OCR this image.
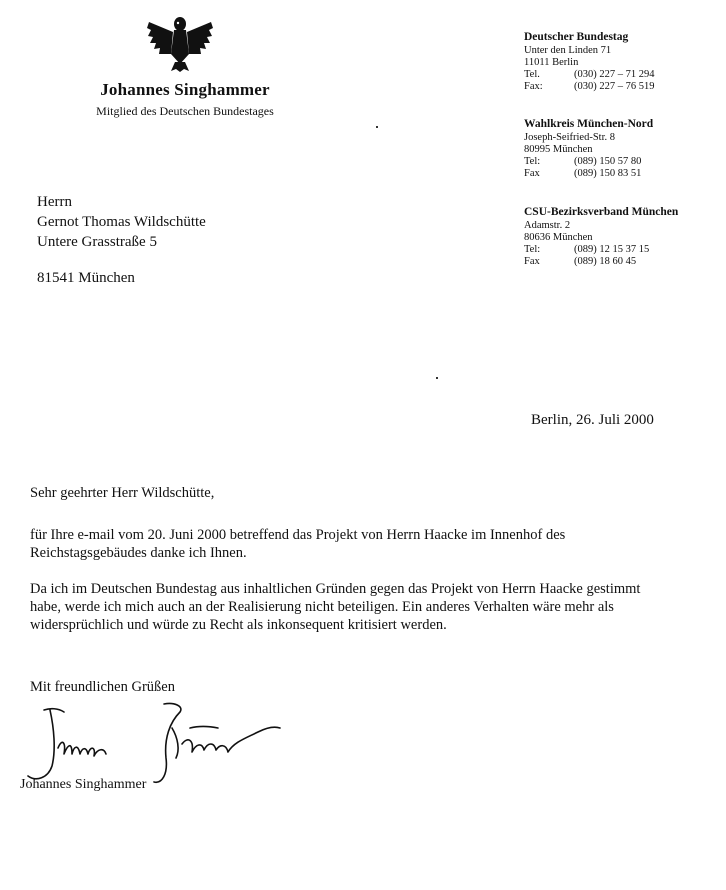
Johannes Singhammer
Mitglied des Deutschen Bundestages
Deutscher Bundestag
Unter den Linden 71
11011 Berlin
Tel.	(030) 227 – 71 294
Fax:	(030) 227 – 76 519
Wahlkreis München-Nord
Joseph-Seifried-Str. 8
80995 München
Tel:	(089) 150 57 80
Fax	(089) 150 83 51
CSU-Bezirksverband München
Adamstr. 2
80636 München
Tel:	(089) 12 15 37 15
Fax	(089) 18 60 45
Herrn
Gernot Thomas Wildschütte
Untere Grasstraße 5
81541 München
Berlin, 26. Juli 2000
Sehr geehrter Herr Wildschütte,
für Ihre e-mail vom 20. Juni 2000 betreffend das Projekt von Herrn Haacke im Innenhof des Reichstagsgebäudes danke ich Ihnen.
Da ich im Deutschen Bundestag aus inhaltlichen Gründen gegen das Projekt von Herrn Haacke gestimmt habe, werde ich mich auch an der Realisierung nicht beteiligen. Ein anderes Verhalten wäre mehr als widersprüchlich und würde zu Recht als inkonsequent kritisiert werden.
Mit freundlichen Grüßen
Johannes Singhammer
